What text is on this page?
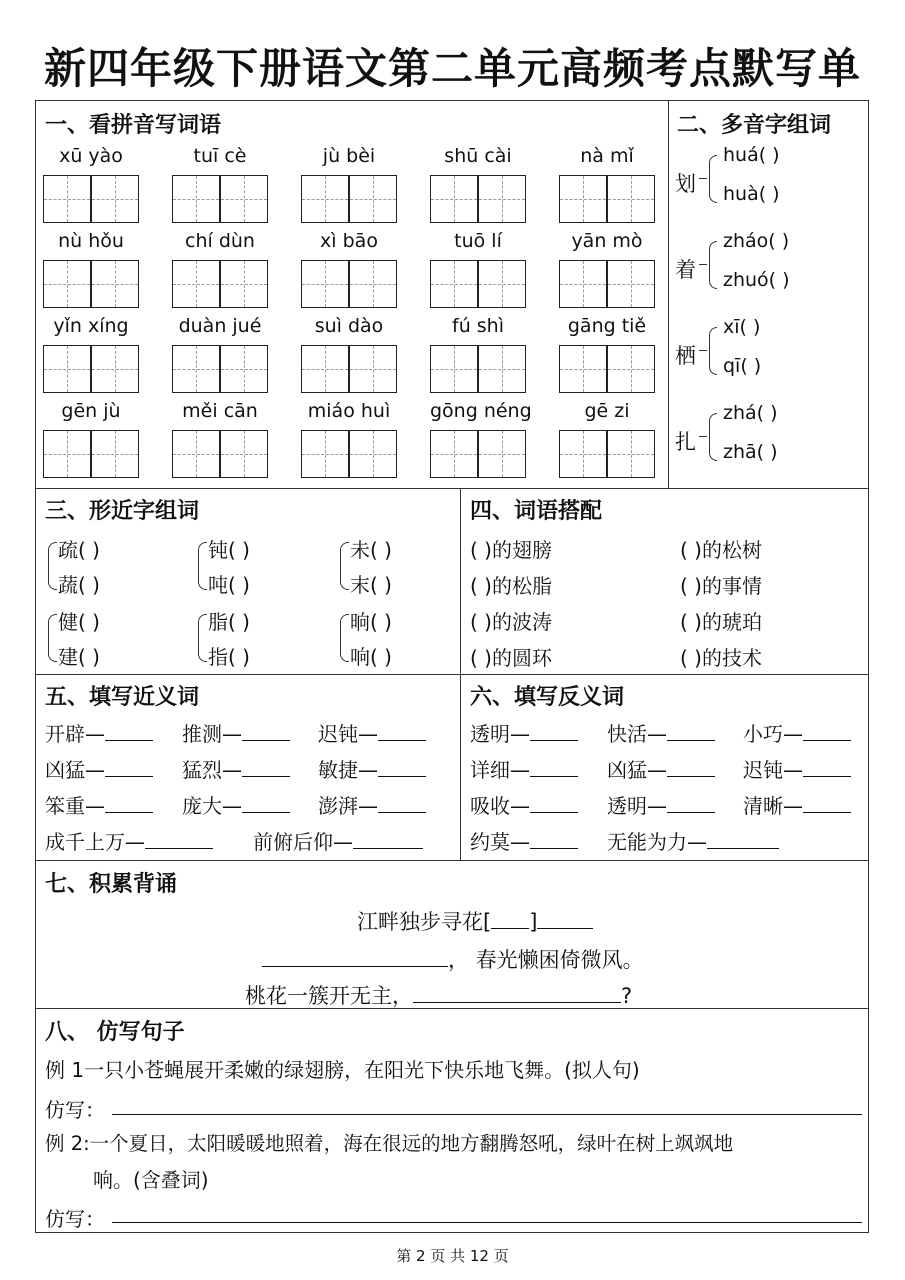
新四年级下册语文第二单元高频考点默写单
一、看拼音写词语	二、多音字组词
三、形近字组词	四、词语搭配
五、填写近义词	六、填写反义词
七、积累背诵
江畔独步寻花[ ]
， 春光懒困倚微风。
桃花一簇开无主，	?
八、 仿写句子
例 1一只小苍蝇展开柔嫩的绿翅膀，在阳光下快乐地飞舞。(拟人句)
仿写：
例 2:一个夏日，太阳暖暖地照着，海在很远的地方翻腾怒吼，绿叶在树上飒飒地
响。(含叠词)
仿写：
第 2 页 共 12 页
xū yào	tuī cè	jù bèi	shū cài	nà mǐ
nù hǒu	chí dùn	xì bāo	tuō lí	yān mò
yǐn xíng	duàn jué	suì dào	fú shì	gāng tiě
gēn jù	měi cān	miáo huì	gōng néng	gē zi
划
huá( )
huà( )
着
zháo( )
zhuó( )
栖
xī( )
qī( )
扎
zhá( )
zhā( )
疏( )
蔬( )
钝( )
吨( )
未( )
末( )
健( )
建( )
脂( )
指( )
晌( )
响( )
( )的翅膀	( )的松树
( )的松脂	( )的事情
( )的波涛	( )的琥珀
( )的圆环	( )的技术
开辟—	推测—	迟钝—
凶猛—	猛烈—	敏捷—
笨重—	庞大—	澎湃—
成千上万—	前俯后仰—
透明—	快活—	小巧—
详细—	凶猛—	迟钝—
吸收—	透明—	清晰—
约莫—	无能为力—
